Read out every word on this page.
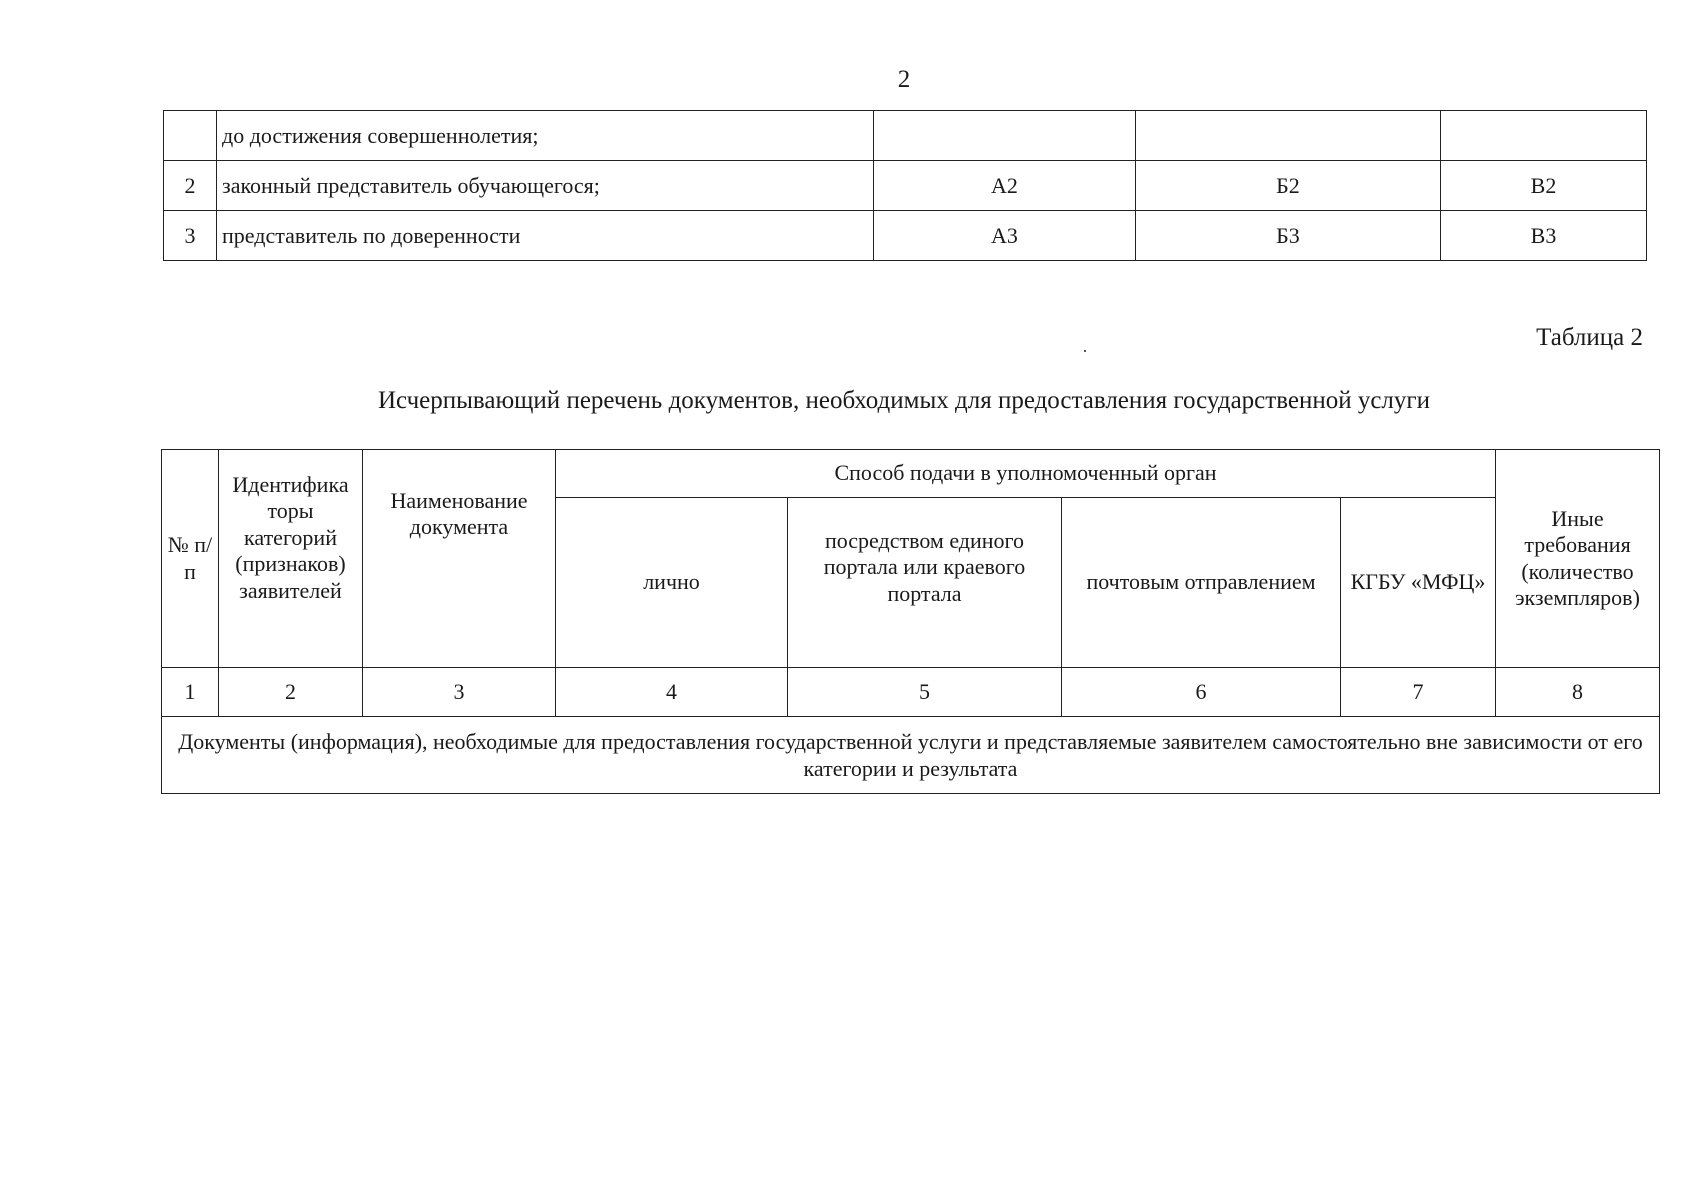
2
	до достижения совершеннолетия;			
2	законный представитель обучающегося;	А2	Б2	В2
3	представитель по доверенности	А3	Б3	В3
Таблица 2
Исчерпывающий перечень документов, необходимых для предоставления государственной услуги
№ п/п	Идентифика торы категорий (признаков) заявителей	Наименование документа	Способ подачи в уполномоченный орган				Иные требования (количество экземпляров)
			лично	посредством единого портала или краевого портала	почтовым отправлением	КГБУ «МФЦ»	
1	2	3	4	5	6	7	8
Документы (информация), необходимые для предоставления государственной услуги и представляемые заявителем самостоятельно вне зависимости от его категории и результата							
